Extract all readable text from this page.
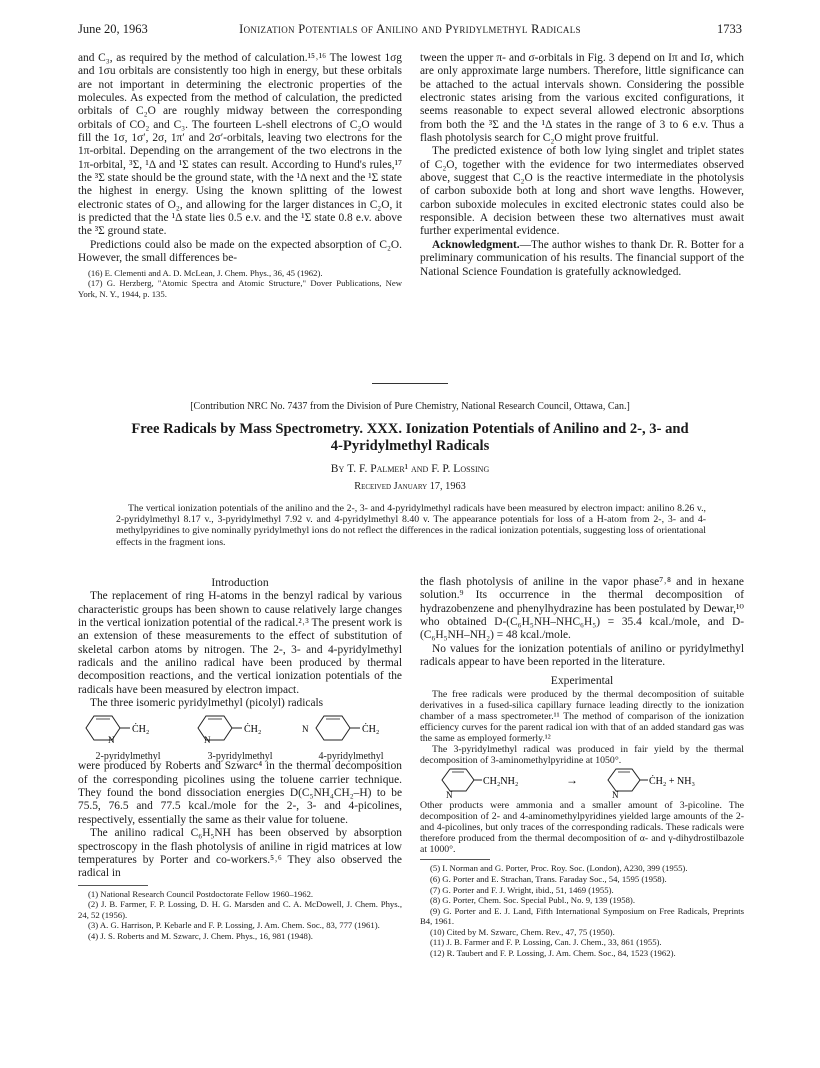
June 20, 1963	Ionization Potentials of Anilino and Pyridylmethyl Radicals	1733

and C₃, as required by the method of calculation.¹⁵˒¹⁶ The lowest 1σg and 1σu orbitals are consistently too high in energy, but these orbitals are not important in determining the electronic properties of the molecules. As expected from the method of calculation, the predicted orbitals of C₂O are roughly midway between the corresponding orbitals of CO₂ and C₃. The fourteen L-shell electrons of C₂O would fill the 1σ, 1σ′, 2σ, 1π′ and 2σ′-orbitals, leaving two electrons for the 1π-orbital. Depending on the arrangement of the two electrons in the 1π-orbital, ³Σ, ¹Δ and ¹Σ states can result. According to Hund's rules,¹⁷ the ³Σ state should be the ground state, with the ¹Δ next and the ¹Σ state the highest in energy. Using the known splitting of the lowest electronic states of O₂, and allowing for the larger distances in C₂O, it is predicted that the ¹Δ state lies 0.5 e.v. and the ¹Σ state 0.8 e.v. above the ³Σ ground state.

Predictions could also be made on the expected absorption of C₂O. However, the small differences be-

(16) E. Clementi and A. D. McLean, J. Chem. Phys., 36, 45 (1962).

(17) G. Herzberg, "Atomic Spectra and Atomic Structure," Dover Publications, New York, N. Y., 1944, p. 135.

tween the upper π- and σ-orbitals in Fig. 3 depend on Iπ and Iσ, which are only approximate large numbers. Therefore, little significance can be attached to the actual intervals shown. Considering the possible electronic states arising from the various excited configurations, it seems reasonable to expect several allowed electronic absorptions from both the ³Σ and the ¹Δ states in the range of 3 to 6 e.v. Thus a flash photolysis search for C₂O might prove fruitful.

The predicted existence of both low lying singlet and triplet states of C₂O, together with the evidence for two intermediates observed above, suggest that C₂O is the reactive intermediate in the photolysis of carbon suboxide both at long and short wave lengths. However, carbon suboxide molecules in excited electronic states could also be responsible. A decision between these two alternatives must await further experimental evidence.

Acknowledgment.—The author wishes to thank Dr. R. Botter for a preliminary communication of his results. The financial support of the National Science Foundation is gratefully acknowledged.

[Contribution NRC No. 7437 from the Division of Pure Chemistry, National Research Council, Ottawa, Can.]
Free Radicals by Mass Spectrometry. XXX. Ionization Potentials of Anilino and 2-, 3- and
4-Pyridylmethyl Radicals
By T. F. Palmer¹ and F. P. Lossing
Received January 17, 1963

The vertical ionization potentials of the anilino and the 2-, 3- and 4-pyridylmethyl radicals have been measured by electron impact: anilino 8.26 v., 2-pyridylmethyl 8.17 v., 3-pyridylmethyl 7.92 v. and 4-pyridylmethyl 8.40 v. The appearance potentials for loss of a H-atom from 2-, 3- and 4-methylpyridines to give nominally pyridylmethyl ions do not reflect the differences in the radical ionization potentials, suggesting loss of orientational effects in the fragment ions.

Introduction

The replacement of ring H-atoms in the benzyl radical by various characteristic groups has been shown to cause relatively large changes in the vertical ionization potential of the radical.²˒³ The present work is an extension of these measurements to the effect of substitution of skeletal carbon atoms by nitrogen. The 2-, 3- and 4-pyridylmethyl radicals and the anilino radical have been produced by thermal decomposition reactions, and the vertical ionization potentials of the radicals have been measured by electron impact.

The three isomeric pyridylmethyl (picolyl) radicals

ĊH₂
N
2-pyridylmethyl
ĊH₂
N
3-pyridylmethyl
N	ĊH₂
4-pyridylmethyl

were produced by Roberts and Szwarc⁴ in the thermal decomposition of the corresponding picolines using the toluene carrier technique. They found the bond dissociation energies D(C₅NH₄CH₂–H) to be 75.5, 76.5 and 77.5 kcal./mole for the 2-, 3- and 4-picolines, respectively, essentially the same as their value for toluene.

The anilino radical C₆H₅NH has been observed by absorption spectroscopy in the flash photolysis of aniline in rigid matrices at low temperatures by Porter and co-workers.⁵˒⁶ They also observed the radical in

(1) National Research Council Postdoctorate Fellow 1960–1962.

(2) J. B. Farmer, F. P. Lossing, D. H. G. Marsden and C. A. McDowell, J. Chem. Phys., 24, 52 (1956).

(3) A. G. Harrison, P. Kebarle and F. P. Lossing, J. Am. Chem. Soc., 83, 777 (1961).

(4) J. S. Roberts and M. Szwarc, J. Chem. Phys., 16, 981 (1948).

the flash photolysis of aniline in the vapor phase⁷˒⁸ and in hexane solution.⁹ Its occurrence in the thermal decomposition of hydrazobenzene and phenylhydrazine has been postulated by Dewar,¹⁰ who obtained D-(C₆H₅NH–NHC₆H₅) = 35.4 kcal./mole, and D-(C₆H₅NH–NH₂) = 48 kcal./mole.

No values for the ionization potentials of anilino or pyridylmethyl radicals appear to have been reported in the literature.

Experimental

The free radicals were produced by the thermal decomposition of suitable derivatives in a fused-silica capillary furnace leading directly to the ionization chamber of a mass spectrometer.¹¹ The method of comparison of the ionization efficiency curves for the parent radical ion with that of an added standard gas was the same as employed formerly.¹²

The 3-pyridylmethyl radical was produced in fair yield by the thermal decomposition of 3-aminomethylpyridine at 1050°.

CH₂NH₂
N
→	ĊH₂ + NH₃
N

Other products were ammonia and a smaller amount of 3-picoline. The decomposition of 2- and 4-aminomethylpyridines yielded large amounts of the 2- and 4-picolines, but only traces of the corresponding radicals. These radicals were therefore produced from the thermal decomposition of α- and γ-dihydrostilbazole at 1000°.

(5) I. Norman and G. Porter, Proc. Roy. Soc. (London), A230, 399 (1955).

(6) G. Porter and E. Strachan, Trans. Faraday Soc., 54, 1595 (1958).

(7) G. Porter and F. J. Wright, ibid., 51, 1469 (1955).

(8) G. Porter, Chem. Soc. Special Publ., No. 9, 139 (1958).

(9) G. Porter and E. J. Land, Fifth International Symposium on Free Radicals, Preprints B4, 1961.

(10) Cited by M. Szwarc, Chem. Rev., 47, 75 (1950).

(11) J. B. Farmer and F. P. Lossing, Can. J. Chem., 33, 861 (1955).

(12) R. Taubert and F. P. Lossing, J. Am. Chem. Soc., 84, 1523 (1962).
